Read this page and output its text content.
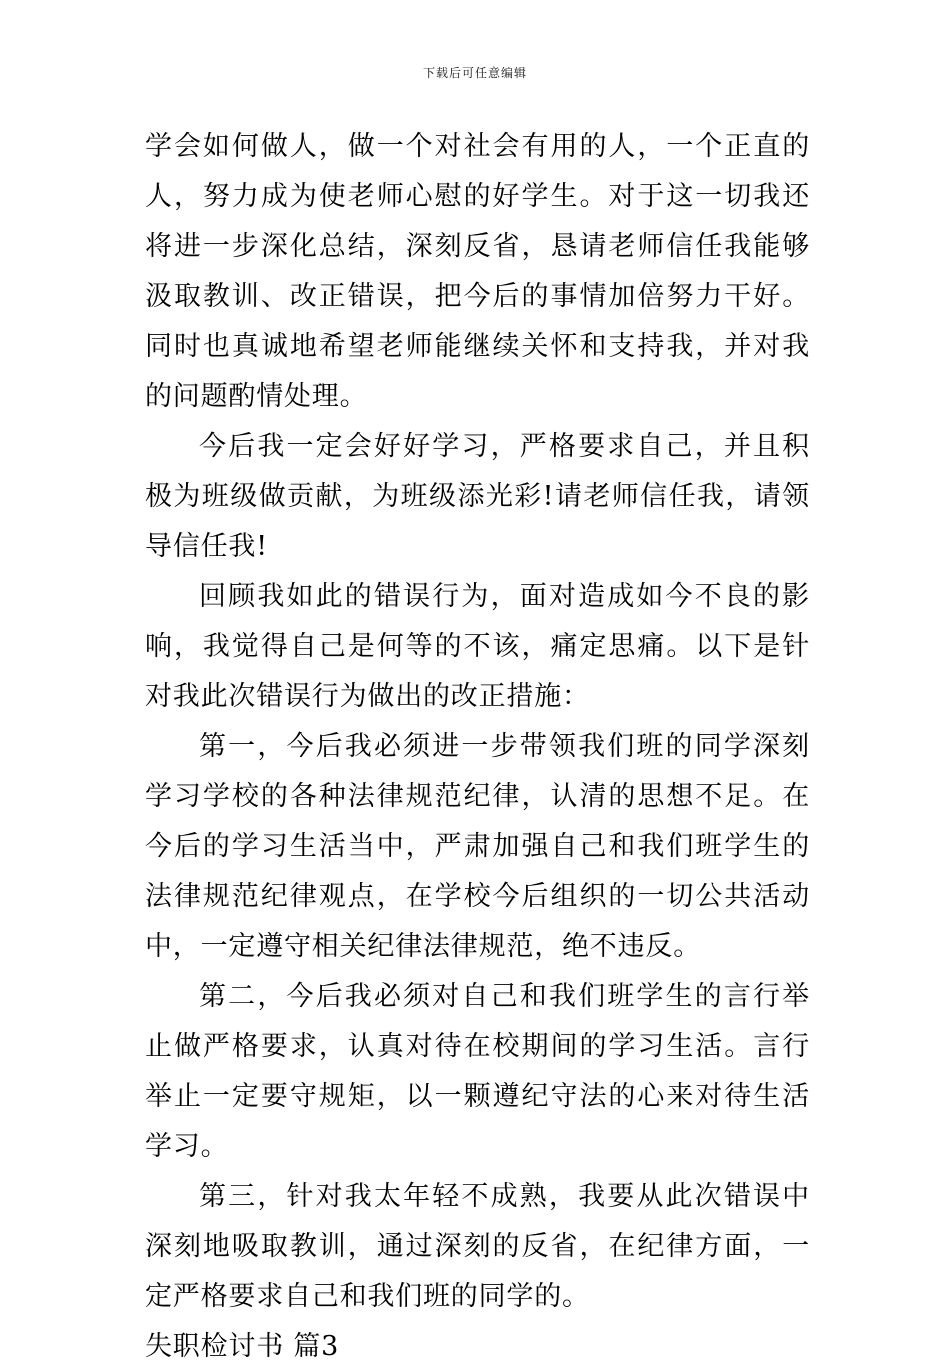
下载后可任意编辑

学会如何做人，做一个对社会有用的人，一个正直的人，努力成为使老师心慰的好学生。对于这一切我还将进一步深化总结，深刻反省，恳请老师信任我能够汲取教训、改正错误，把今后的事情加倍努力干好。同时也真诚地希望老师能继续关怀和支持我，并对我的问题酌情处理。

今后我一定会好好学习，严格要求自己，并且积极为班级做贡献，为班级添光彩!请老师信任我，请领导信任我!

回顾我如此的错误行为，面对造成如今不良的影响，我觉得自己是何等的不该，痛定思痛。以下是针对我此次错误行为做出的改正措施：

第一，今后我必须进一步带领我们班的同学深刻学习学校的各种法律规范纪律，认清的思想不足。在今后的学习生活当中，严肃加强自己和我们班学生的法律规范纪律观点，在学校今后组织的一切公共活动中，一定遵守相关纪律法律规范，绝不违反。

第二，今后我必须对自己和我们班学生的言行举止做严格要求，认真对待在校期间的学习生活。言行举止一定要守规矩，以一颗遵纪守法的心来对待生活学习。

第三，针对我太年轻不成熟，我要从此次错误中深刻地吸取教训，通过深刻的反省，在纪律方面，一定严格要求自己和我们班的同学的。

失职检讨书 篇3
